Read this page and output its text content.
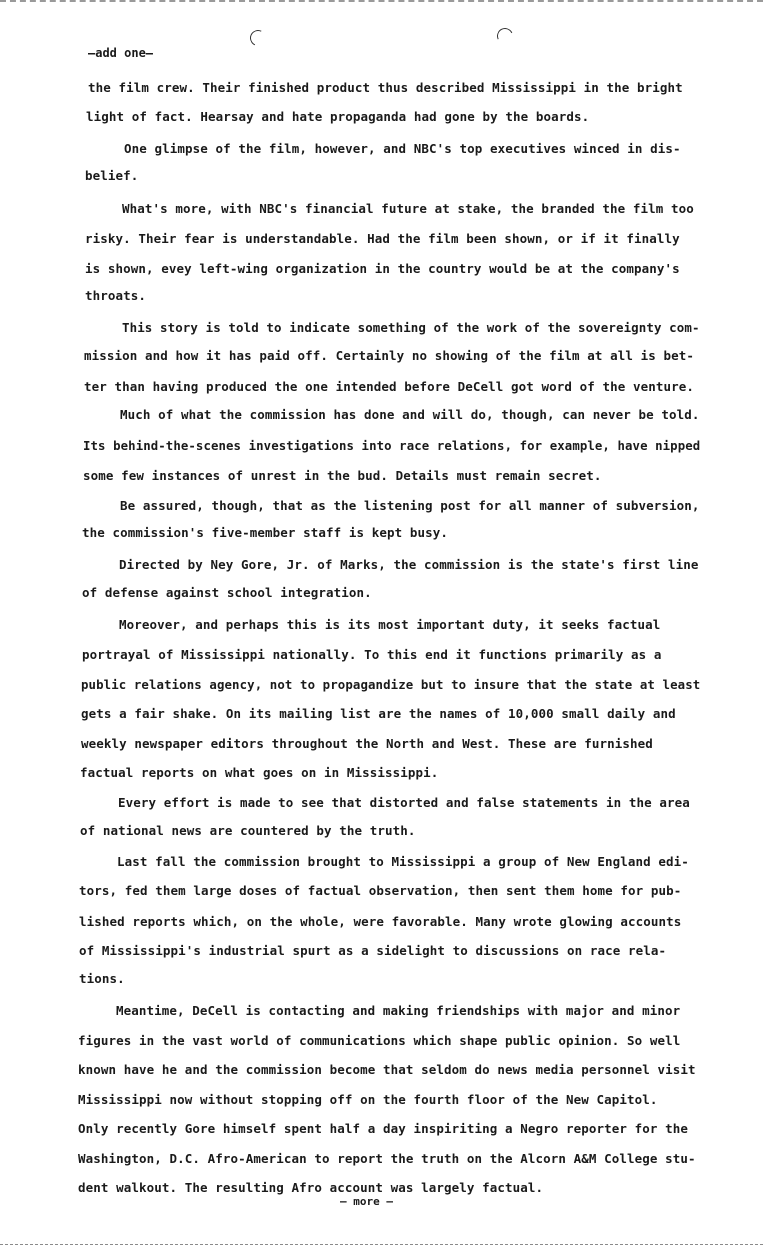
—add one—
the film crew. Their finished product thus described Mississippi in the bright
light of fact. Hearsay and hate propaganda had gone by the boards.
One glimpse of the film, however, and NBC's top executives winced in dis-
belief.
What's more, with NBC's financial future at stake, the branded the film too
risky. Their fear is understandable. Had the film been shown, or if it finally
is shown, evey left-wing organization in the country would be at the company's
throats.
This story is told to indicate something of the work of the sovereignty com-
mission and how it has paid off. Certainly no showing of the film at all is bet-
ter than having produced the one intended before DeCell got word of the venture.
Much of what the commission has done and will do, though, can never be told.
Its behind-the-scenes investigations into race relations, for example, have nipped
some few instances of unrest in the bud. Details must remain secret.
Be assured, though, that as the listening post for all manner of subversion,
the commission's five-member staff is kept busy.
Directed by Ney Gore, Jr. of Marks, the commission is the state's first line
of defense against school integration.
Moreover, and perhaps this is its most important duty, it seeks factual
portrayal of Mississippi nationally. To this end it functions primarily as a
public relations agency, not to propagandize but to insure that the state at least
gets a fair shake. On its mailing list are the names of 10,000 small daily and
weekly newspaper editors throughout the North and West. These are furnished
factual reports on what goes on in Mississippi.
Every effort is made to see that distorted and false statements in the area
of national news are countered by the truth.
Last fall the commission brought to Mississippi a group of New England edi-
tors, fed them large doses of factual observation, then sent them home for pub-
lished reports which, on the whole, were favorable. Many wrote glowing accounts
of Mississippi's industrial spurt as a sidelight to discussions on race rela-
tions.
Meantime, DeCell is contacting and making friendships with major and minor
figures in the vast world of communications which shape public opinion. So well
known have he and the commission become that seldom do news media personnel visit
Mississippi now without stopping off on the fourth floor of the New Capitol.
Only recently Gore himself spent half a day inspiriting a Negro reporter for the
Washington, D.C. Afro-American to report the truth on the Alcorn A&M College stu-
dent walkout. The resulting Afro account was largely factual.
— more —
